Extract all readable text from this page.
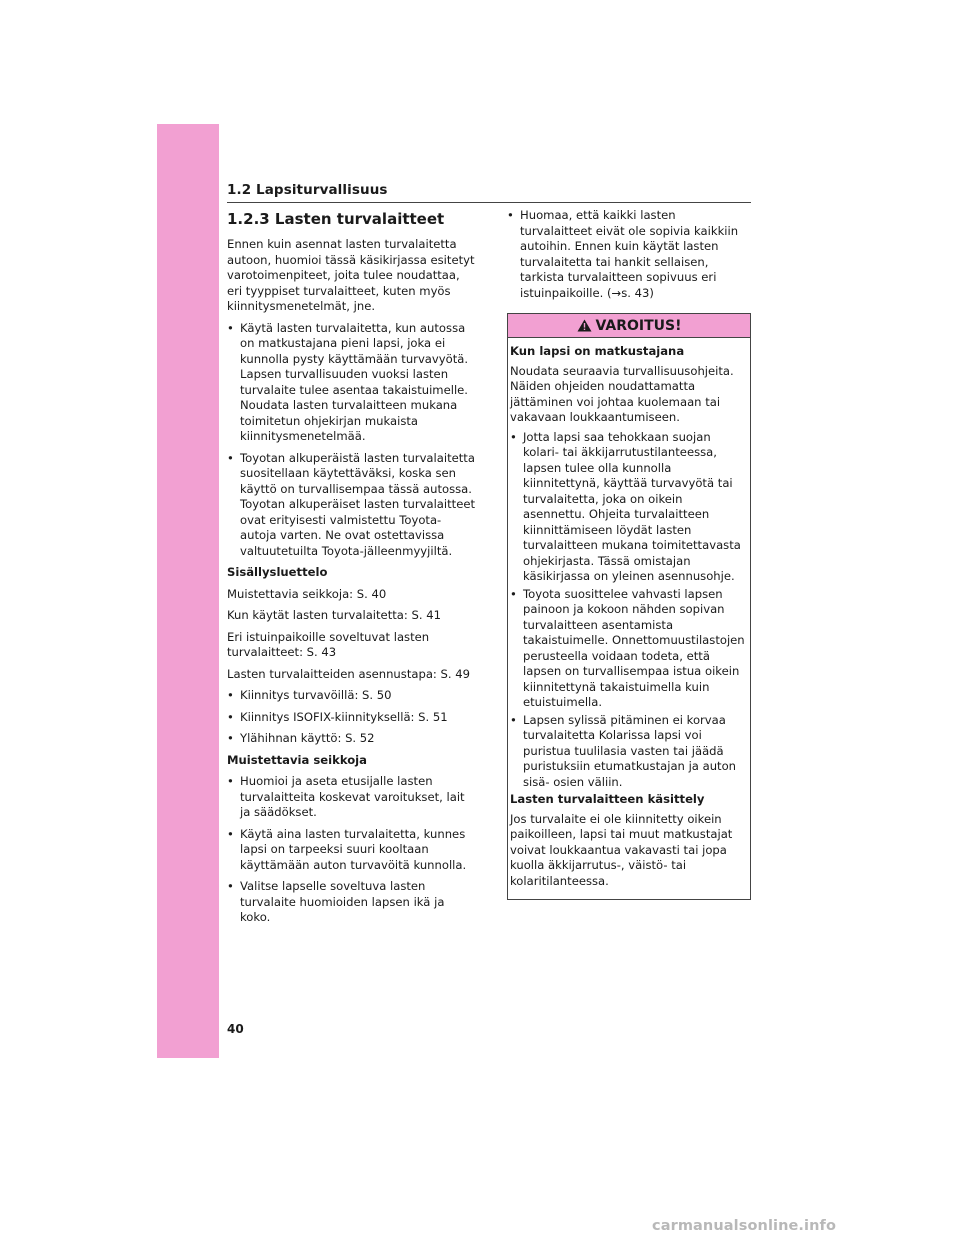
1.2 Lapsiturvallisuus
1.2.3 Lasten turvalaitteet

Ennen kuin asennat lasten turvalaitetta autoon, huomioi tässä käsikirjassa esitetyt varotoimenpiteet, joita tulee noudattaa, eri tyyppiset turvalaitteet, kuten myös kiinnitysmenetelmät, jne.

• Käytä lasten turvalaitetta, kun autossa on matkustajana pieni lapsi, joka ei kunnolla pysty käyttämään turvavyötä. Lapsen turvallisuuden vuoksi lasten turvalaite tulee asentaa takaistuimelle. Noudata lasten turvalaitteen mukana toimitetun ohjekirjan mukaista kiinnitysmenetelmää.
• Toyotan alkuperäistä lasten turvalaitetta suositellaan käytettäväksi, koska sen käyttö on turvallisempaa tässä autossa. Toyotan alkuperäiset lasten turvalaitteet ovat erityisesti valmistettu Toyota-autoja varten. Ne ovat ostettavissa valtuutetuilta Toyota-jälleenmyyjiltä.

Sisällysluettelo

Muistettavia seikkoja: S. 40

Kun käytät lasten turvalaitetta: S. 41

Eri istuinpaikoille soveltuvat lasten turvalaitteet: S. 43

Lasten turvalaitteiden asennustapa: S. 49

• Kiinnitys turvavöillä: S. 50
• Kiinnitys ISOFIX-kiinnityksellä: S. 51
• Ylähihnan käyttö: S. 52

Muistettavia seikkoja

• Huomioi ja aseta etusijalle lasten turvalaitteita koskevat varoitukset, lait ja säädökset.
• Käytä aina lasten turvalaitetta, kunnes lapsi on tarpeeksi suuri kooltaan käyttämään auton turvavöitä kunnolla.
• Valitse lapselle soveltuva lasten turvalaite huomioiden lapsen ikä ja koko.
• Huomaa, että kaikki lasten turvalaitteet eivät ole sopivia kaikkiin autoihin. Ennen kuin käytät lasten turvalaitetta tai hankit sellaisen, tarkista turvalaitteen sopivuus eri istuinpaikoille. (→s. 43)
VAROITUS!

Kun lapsi on matkustajana

Noudata seuraavia turvallisuusohjeita. Näiden ohjeiden noudattamatta jättäminen voi johtaa kuolemaan tai vakavaan loukkaantumiseen.

• Jotta lapsi saa tehokkaan suojan kolari- tai äkkijarrutustilanteessa, lapsen tulee olla kunnolla kiinnitettynä, käyttää turvavyötä tai turvalaitetta, joka on oikein asennettu. Ohjeita turvalaitteen kiinnittämiseen löydät lasten turvalaitteen mukana toimitettavasta ohjekirjasta. Tässä omistajan käsikirjassa on yleinen asennusohje.
• Toyota suosittelee vahvasti lapsen painoon ja kokoon nähden sopivan turvalaitteen asentamista takaistuimelle. Onnettomuustilastojen perusteella voidaan todeta, että lapsen on turvallisempaa istua oikein kiinnitettynä takaistuimella kuin etuistuimella.
• Lapsen sylissä pitäminen ei korvaa turvalaitetta Kolarissa lapsi voi puristua tuulilasia vasten tai jäädä puristuksiin etumatkustajan ja auton sisä- osien väliin.

Lasten turvalaitteen käsittely

Jos turvalaite ei ole kiinnitetty oikein paikoilleen, lapsi tai muut matkustajat voivat loukkaantua vakavasti tai jopa kuolla äkkijarrutus-, väistö- tai kolaritilanteessa.

40
carmanualsonline.info
